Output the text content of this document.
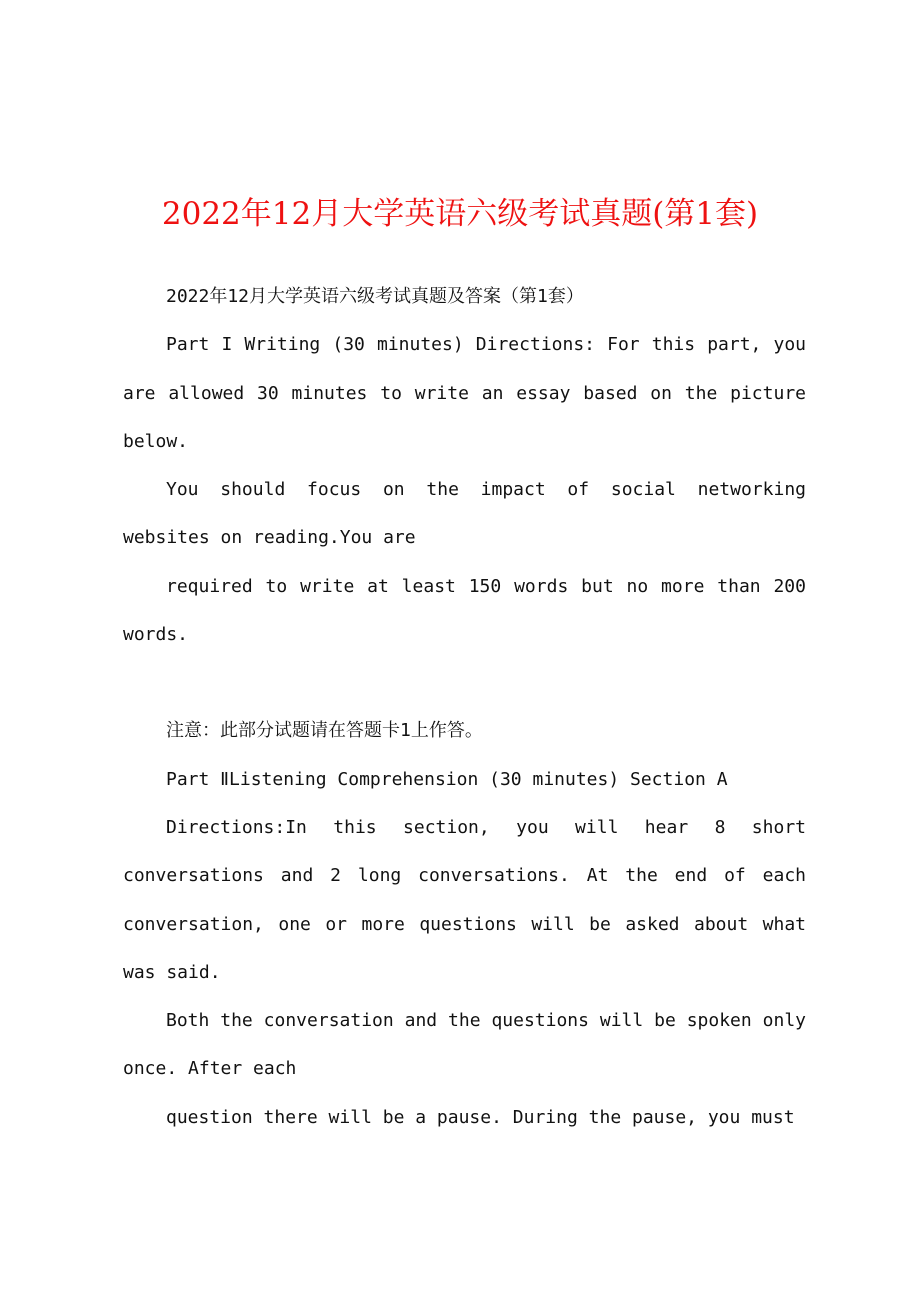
2022年12月大学英语六级考试真题(第1套)

2022年12月大学英语六级考试真题及答案（第1套）

Part I Writing (30 minutes) Directions: For this part, you are allowed 30 minutes to write an essay based on the picture below.

You should focus on the impact of social networking websites on reading.You are

required to write at least 150 words but no more than 200 words.

注意：此部分试题请在答题卡1上作答。

Part ⅡListening Comprehension (30 minutes) Section A

Directions:In this section, you will hear 8 short conversations and 2 long conversations. At the end of each conversation, one or more questions will be asked about what was said.

Both the conversation and the questions will be spoken only once. After each

question there will be a pause. During the pause, you must
